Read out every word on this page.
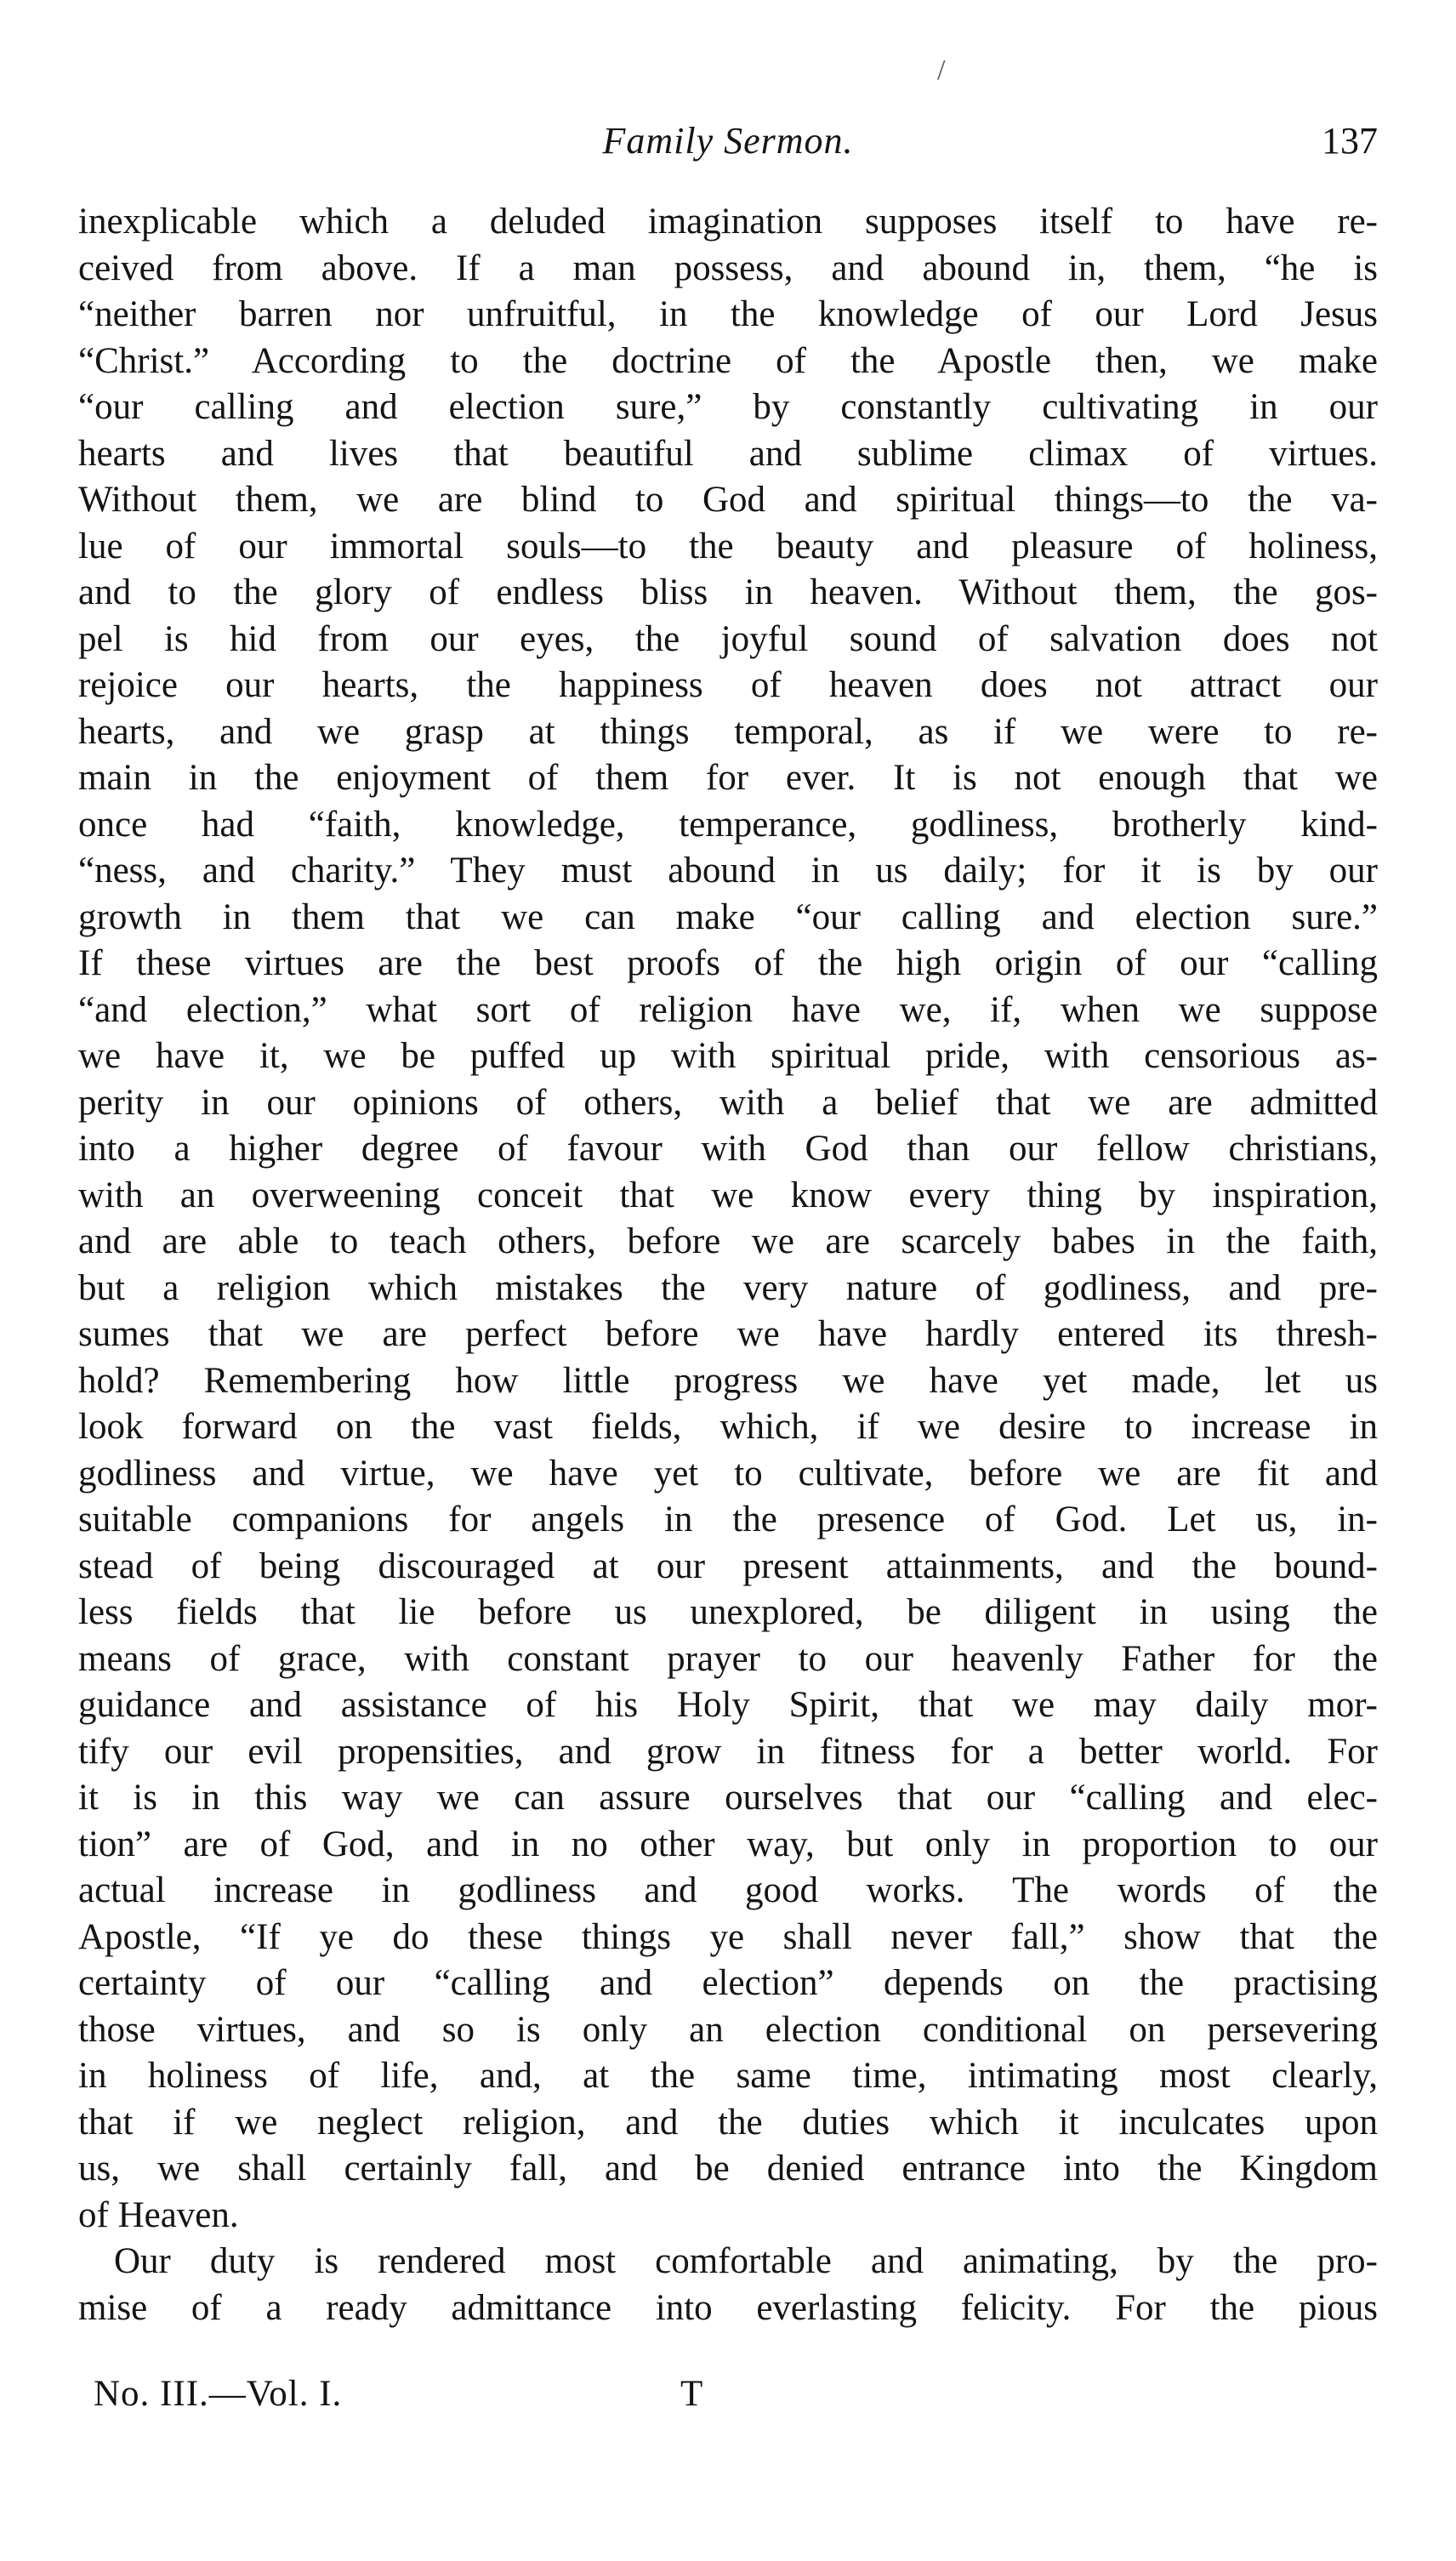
/
Family Sermon.	137
inexplicable which a deluded imagination supposes itself to have re-
ceived from above. If a man possess, and abound in, them, “he is
“neither barren nor unfruitful, in the knowledge of our Lord Jesus
“Christ.” According to the doctrine of the Apostle then, we make
“our calling and election sure,” by constantly cultivating in our
hearts and lives that beautiful and sublime climax of virtues.
Without them, we are blind to God and spiritual things—to the va-
lue of our immortal souls—to the beauty and pleasure of holiness,
and to the glory of endless bliss in heaven. Without them, the gos-
pel is hid from our eyes, the joyful sound of salvation does not
rejoice our hearts, the happiness of heaven does not attract our
hearts, and we grasp at things temporal, as if we were to re-
main in the enjoyment of them for ever. It is not enough that we
once had “faith, knowledge, temperance, godliness, brotherly kind-
“ness, and charity.” They must abound in us daily; for it is by our
growth in them that we can make “our calling and election sure.”
If these virtues are the best proofs of the high origin of our “calling
“and election,” what sort of religion have we, if, when we suppose
we have it, we be puffed up with spiritual pride, with censorious as-
perity in our opinions of others, with a belief that we are admitted
into a higher degree of favour with God than our fellow christians,
with an overweening conceit that we know every thing by inspiration,
and are able to teach others, before we are scarcely babes in the faith,
but a religion which mistakes the very nature of godliness, and pre-
sumes that we are perfect before we have hardly entered its thresh-
hold? Remembering how little progress we have yet made, let us
look forward on the vast fields, which, if we desire to increase in
godliness and virtue, we have yet to cultivate, before we are fit and
suitable companions for angels in the presence of God. Let us, in-
stead of being discouraged at our present attainments, and the bound-
less fields that lie before us unexplored, be diligent in using the
means of grace, with constant prayer to our heavenly Father for the
guidance and assistance of his Holy Spirit, that we may daily mor-
tify our evil propensities, and grow in fitness for a better world. For
it is in this way we can assure ourselves that our “calling and elec-
tion” are of God, and in no other way, but only in proportion to our
actual increase in godliness and good works. The words of the
Apostle, “If ye do these things ye shall never fall,” show that the
certainty of our “calling and election” depends on the practising
those virtues, and so is only an election conditional on persevering
in holiness of life, and, at the same time, intimating most clearly,
that if we neglect religion, and the duties which it inculcates upon
us, we shall certainly fall, and be denied entrance into the Kingdom
of Heaven.
Our duty is rendered most comfortable and animating, by the pro-
mise of a ready admittance into everlasting felicity. For the pious
No. III.—Vol. I.	T
